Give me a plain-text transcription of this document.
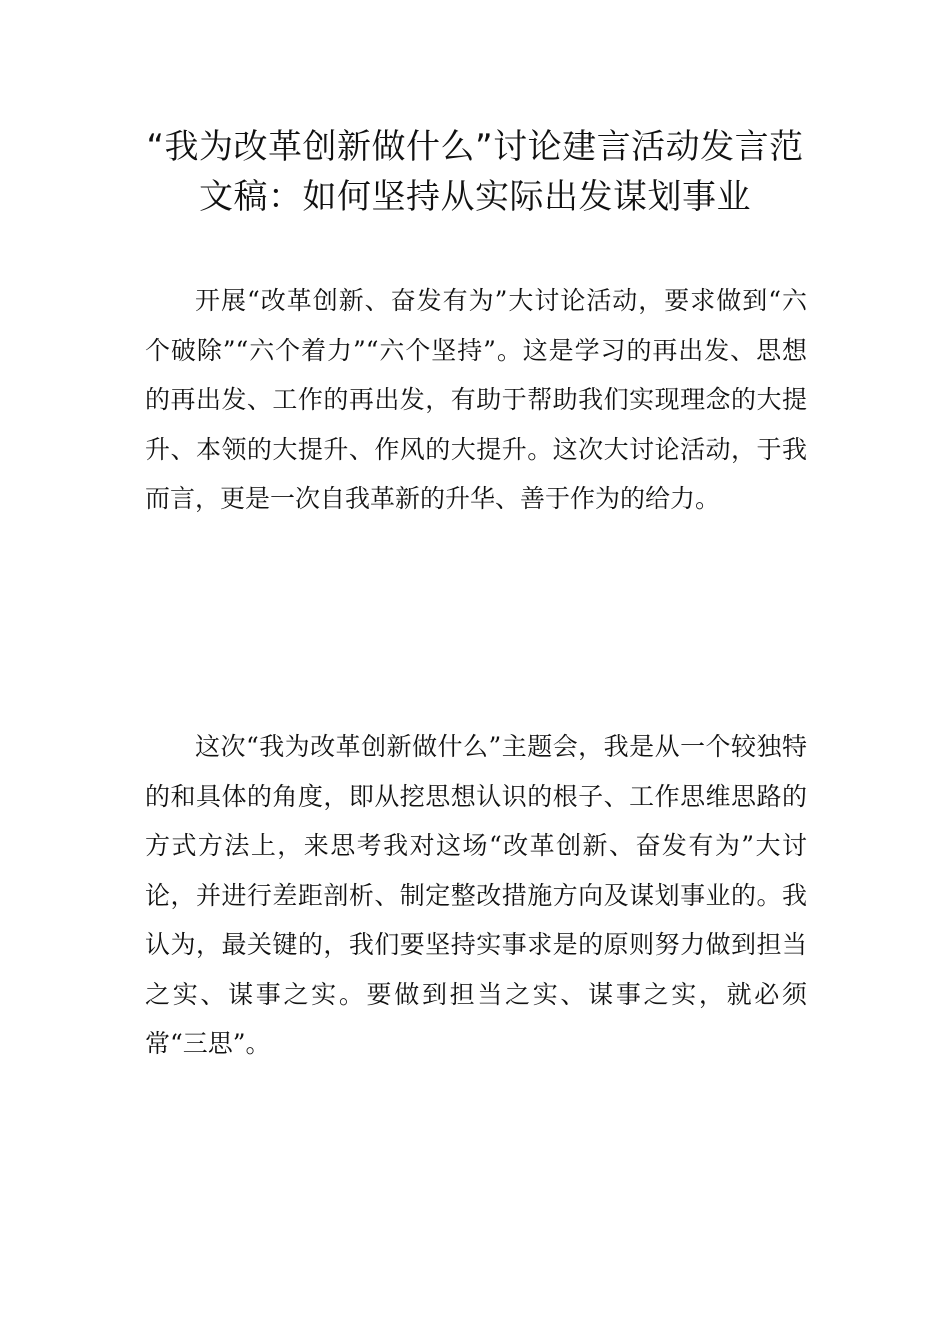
“我为改革创新做什么”讨论建言活动发言范文稿：如何坚持从实际出发谋划事业

开展“改革创新、奋发有为”大讨论活动，要求做到“六个破除”“六个着力”“六个坚持”。这是学习的再出发、思想的再出发、工作的再出发，有助于帮助我们实现理念的大提升、本领的大提升、作风的大提升。这次大讨论活动，于我而言，更是一次自我革新的升华、善于作为的给力。

这次“我为改革创新做什么”主题会，我是从一个较独特的和具体的角度，即从挖思想认识的根子、工作思维思路的方式方法上，来思考我对这场“改革创新、奋发有为”大讨论，并进行差距剖析、制定整改措施方向及谋划事业的。我认为，最关键的，我们要坚持实事求是的原则努力做到担当之实、谋事之实。要做到担当之实、谋事之实，就必须常“三思”。
